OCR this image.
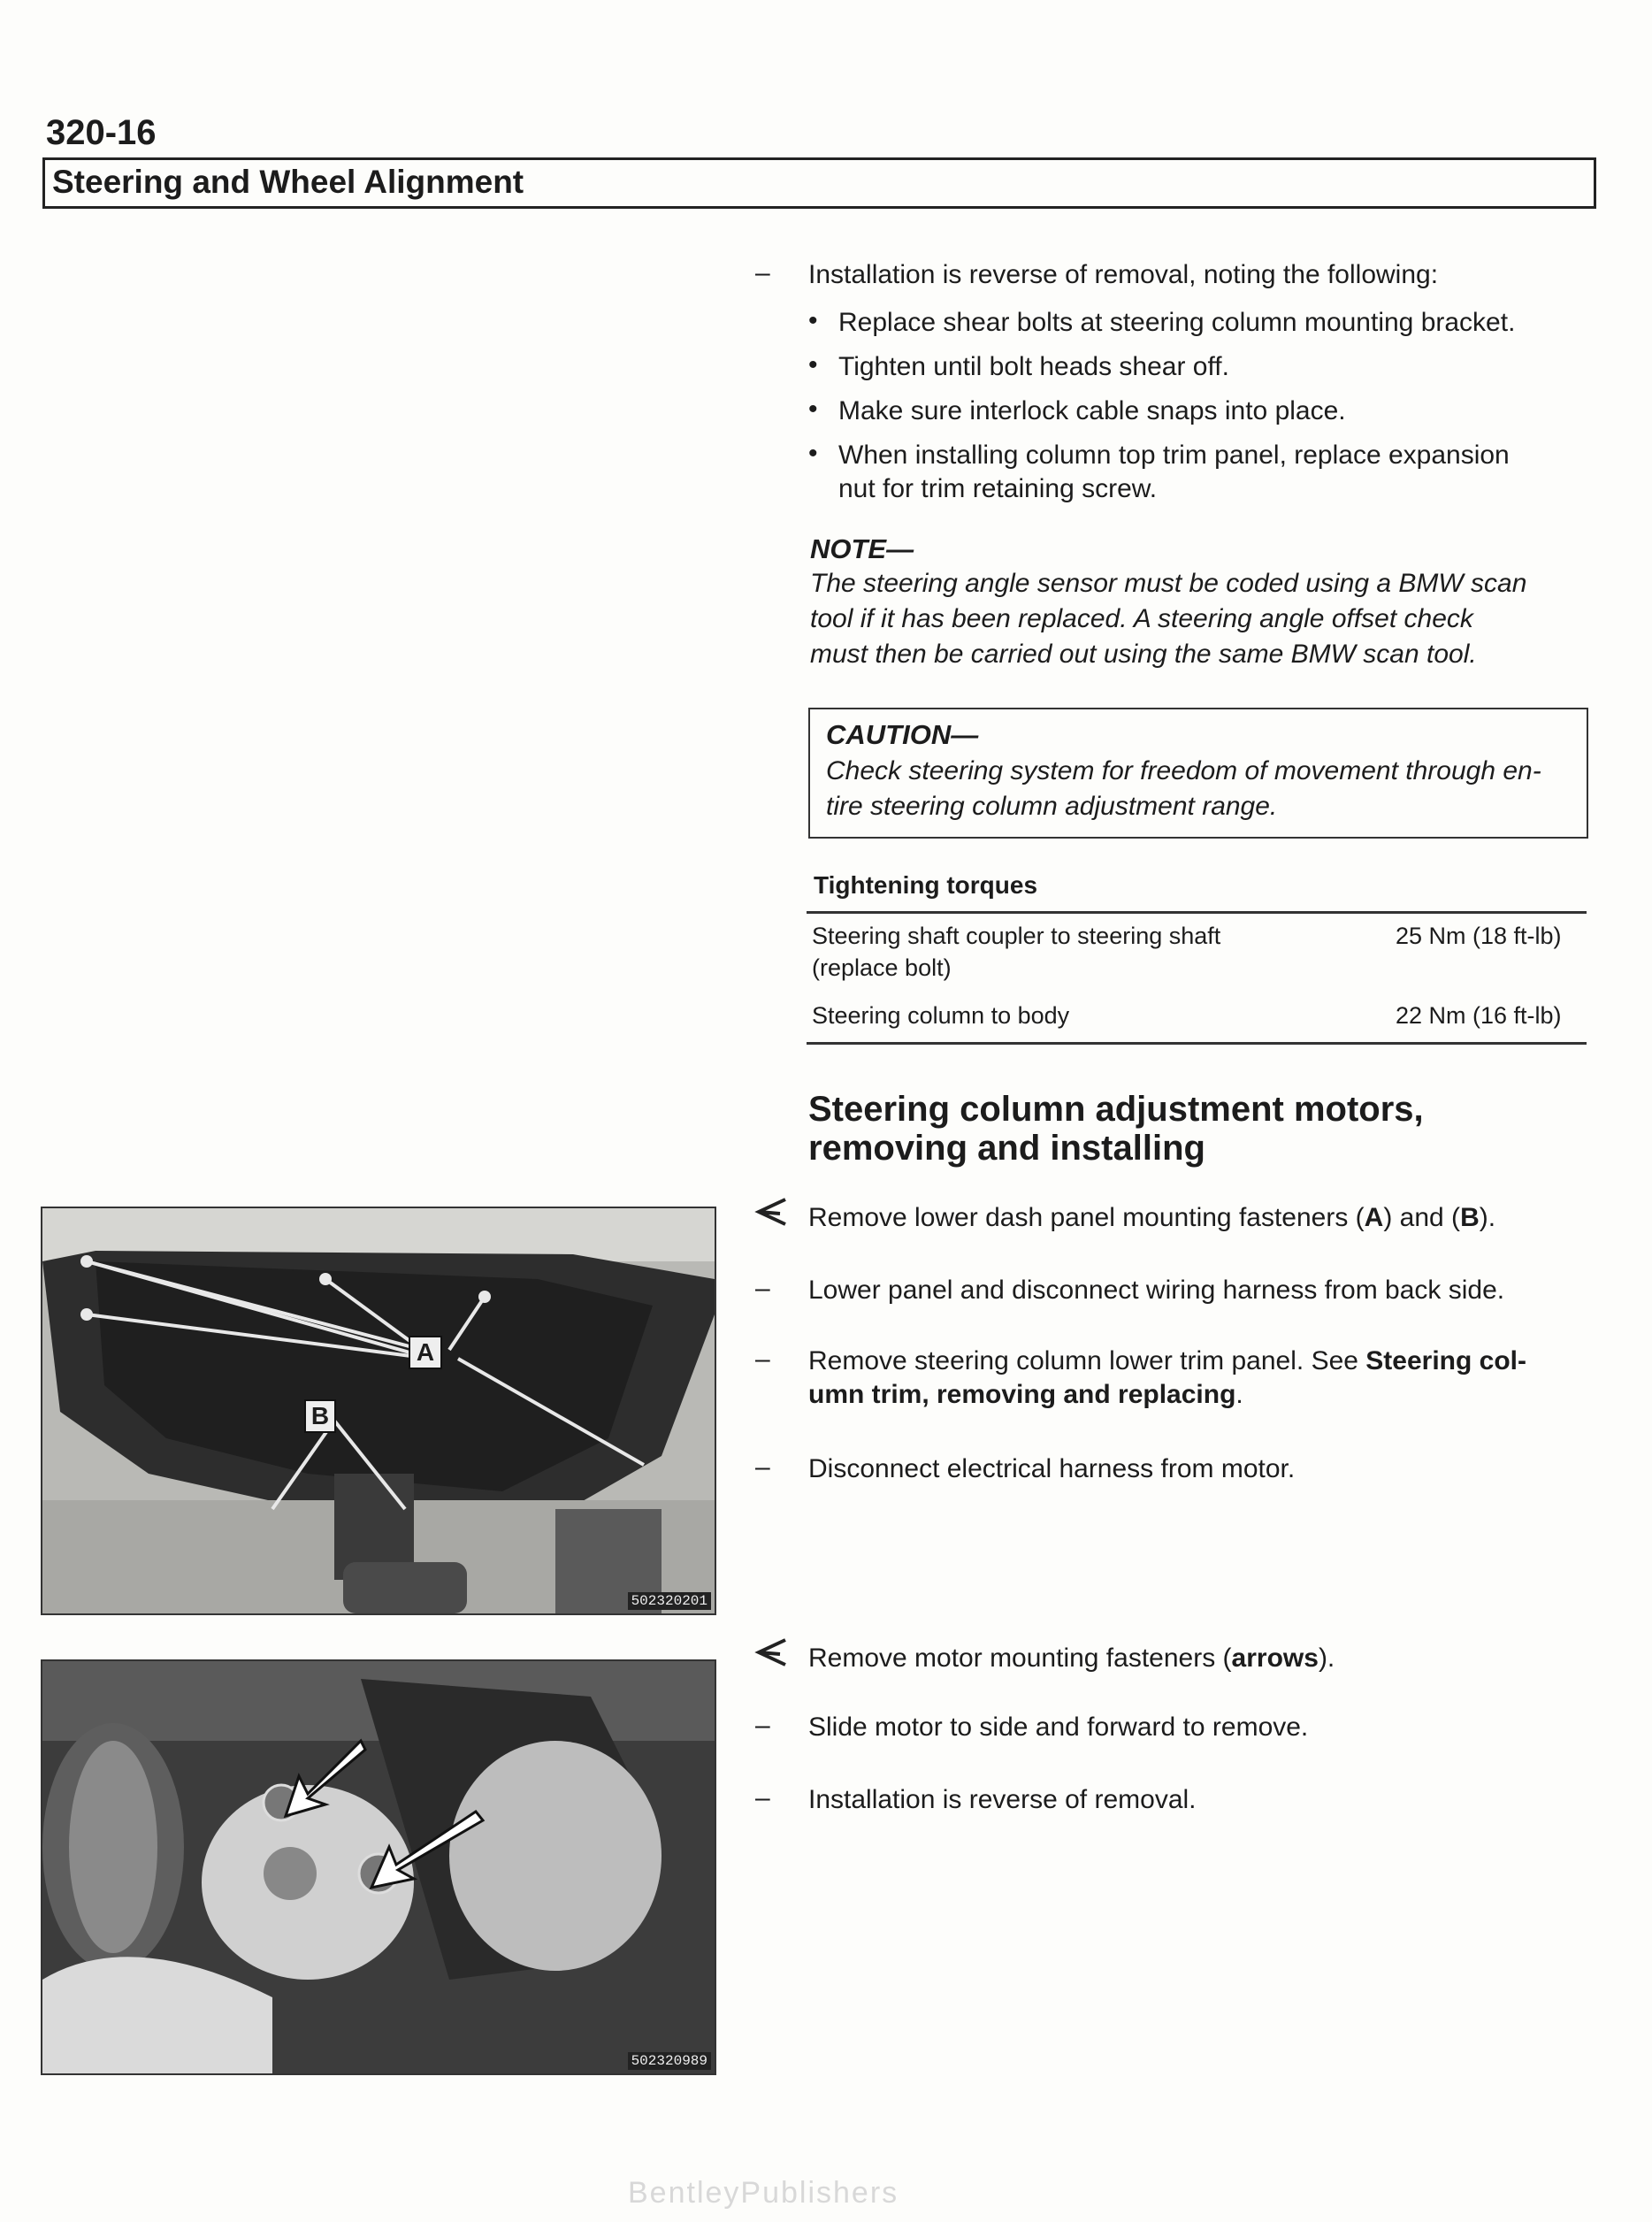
320-16
Steering and Wheel Alignment
– Installation is reverse of removal, noting the following:
• Replace shear bolts at steering column mounting bracket.
• Tighten until bolt heads shear off.
• Make sure interlock cable snaps into place.
• When installing column top trim panel, replace expansion
nut for trim retaining screw.
NOTE—
The steering angle sensor must be coded using a BMW scan
tool if it has been replaced. A steering angle offset check
must then be carried out using the same BMW scan tool.
CAUTION—
Check steering system for freedom of movement through en-
tire steering column adjustment range.
Tightening torques
Steering shaft coupler to steering shaft
(replace bolt)
25 Nm (18 ft-lb)
Steering column to body	22 Nm (16 ft-lb)
Steering column adjustment motors,
removing and installing
Remove lower dash panel mounting fasteners (A) and (B).
– Lower panel and disconnect wiring harness from back side.
– Remove steering column lower trim panel. See Steering col-
umn trim, removing and replacing.
– Disconnect electrical harness from motor.
Remove motor mounting fasteners (arrows).
– Slide motor to side and forward to remove.
– Installation is reverse of removal.
A
B
502320201
502320989
BentleyPublishers
